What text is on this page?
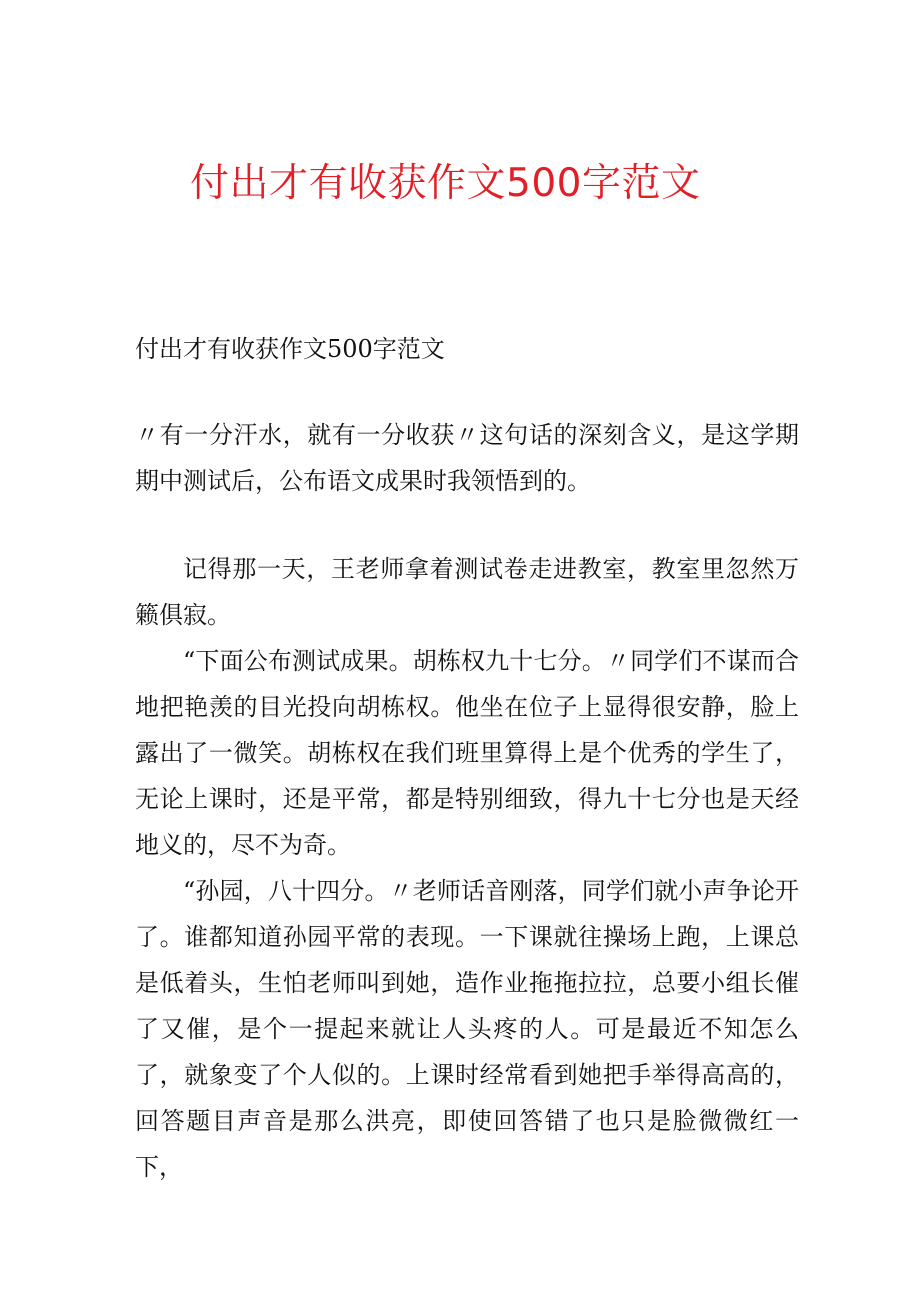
付出才有收获作文500字范文

付出才有收获作文500字范文

〃有一分汗水，就有一分收获〃这句话的深刻含义，是这学期期中测试后，公布语文成果时我领悟到的。

记得那一天，王老师拿着测试卷走进教室，教室里忽然万籁俱寂。

“下面公布测试成果。胡栋权九十七分。〃同学们不谋而合地把艳羡的目光投向胡栋权。他坐在位子上显得很安静，脸上露出了一微笑。胡栋权在我们班里算得上是个优秀的学生了，无论上课时，还是平常，都是特别细致，得九十七分也是天经地义的，尽不为奇。

“孙园，八十四分。〃老师话音刚落，同学们就小声争论开了。谁都知道孙园平常的表现。一下课就往操场上跑，上课总是低着头，生怕老师叫到她，造作业拖拖拉拉，总要小组长催了又催，是个一提起来就让人头疼的人。可是最近不知怎么了，就象变了个人似的。上课时经常看到她把手举得高高的，回答题目声音是那么洪亮，即使回答错了也只是脸微微红一下，
